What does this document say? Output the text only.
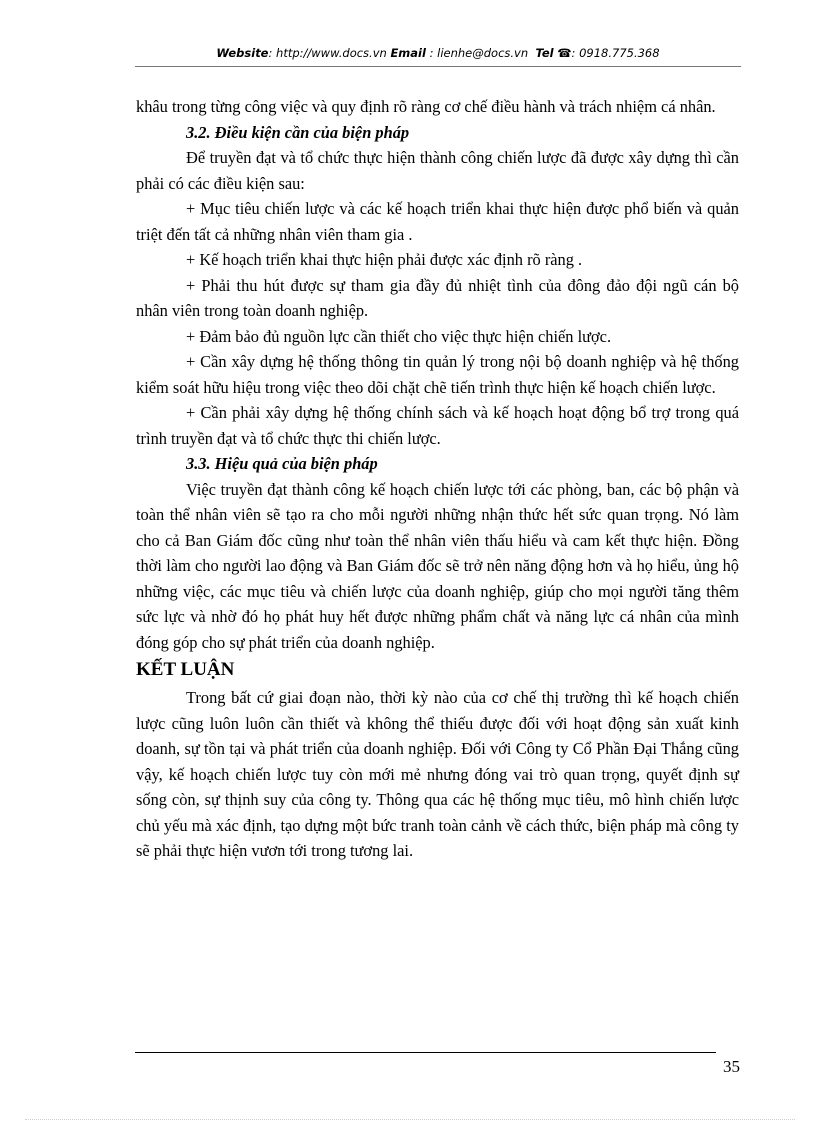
Website: http://www.docs.vn Email : lienhe@docs.vn Tel ☎: 0918.775.368

khâu trong từng công việc và quy định rõ ràng cơ chế điều hành và trách nhiệm cá nhân.

3.2. Điều kiện cần của biện pháp

Để truyền đạt và tổ chức thực hiện thành công chiến lược đã được xây dựng thì cần phải có các điều kiện sau:

+ Mục tiêu chiến lược và các kế hoạch triển khai thực hiện được phổ biến và quản triệt đến tất cả những nhân viên tham gia .

+ Kế hoạch triển khai thực hiện phải được xác định rõ ràng .

+ Phải thu hút được sự tham gia đầy đủ nhiệt tình của đông đảo đội ngũ cán bộ nhân viên trong toàn doanh nghiệp.

+ Đảm bảo đủ nguồn lực cần thiết cho việc thực hiện chiến lược.

+ Cần xây dựng hệ thống thông tin quản lý trong nội bộ doanh nghiệp và hệ thống kiểm soát hữu hiệu trong việc theo dõi chặt chẽ tiến trình thực hiện kế hoạch chiến lược.

+ Cần phải xây dựng hệ thống chính sách và kế hoạch hoạt động bổ trợ trong quá trình truyền đạt và tổ chức thực thi chiến lược.

3.3. Hiệu quả của biện pháp

Việc truyền đạt thành công kế hoạch chiến lược tới các phòng, ban, các bộ phận và toàn thể nhân viên sẽ tạo ra cho mỗi người những nhận thức hết sức quan trọng. Nó làm cho cả Ban Giám đốc cũng như toàn thể nhân viên thấu hiểu và cam kết thực hiện. Đồng thời làm cho người lao động và Ban Giám đốc sẽ trở nên năng động hơn và họ hiểu, ủng hộ những việc, các mục tiêu và chiến lược của doanh nghiệp, giúp cho mọi người tăng thêm sức lực và nhờ đó họ phát huy hết được những phẩm chất và năng lực cá nhân của mình đóng góp cho sự phát triển của doanh nghiệp.

KẾT LUẬN

Trong bất cứ giai đoạn nào, thời kỳ nào của cơ chế thị trường thì kế hoạch chiến lược cũng luôn luôn cần thiết và không thể thiếu được đối với hoạt động sản xuất kinh doanh, sự tồn tại và phát triển của doanh nghiệp. Đối với Công ty Cổ Phần Đại Thắng cũng vậy, kế hoạch chiến lược tuy còn mới mẻ nhưng đóng vai trò quan trọng, quyết định sự sống còn, sự thịnh suy của công ty. Thông qua các hệ thống mục tiêu, mô hình chiến lược chủ yếu mà xác định, tạo dựng một bức tranh toàn cảnh về cách thức, biện pháp mà công ty sẽ phải thực hiện vươn tới trong tương lai.

35
